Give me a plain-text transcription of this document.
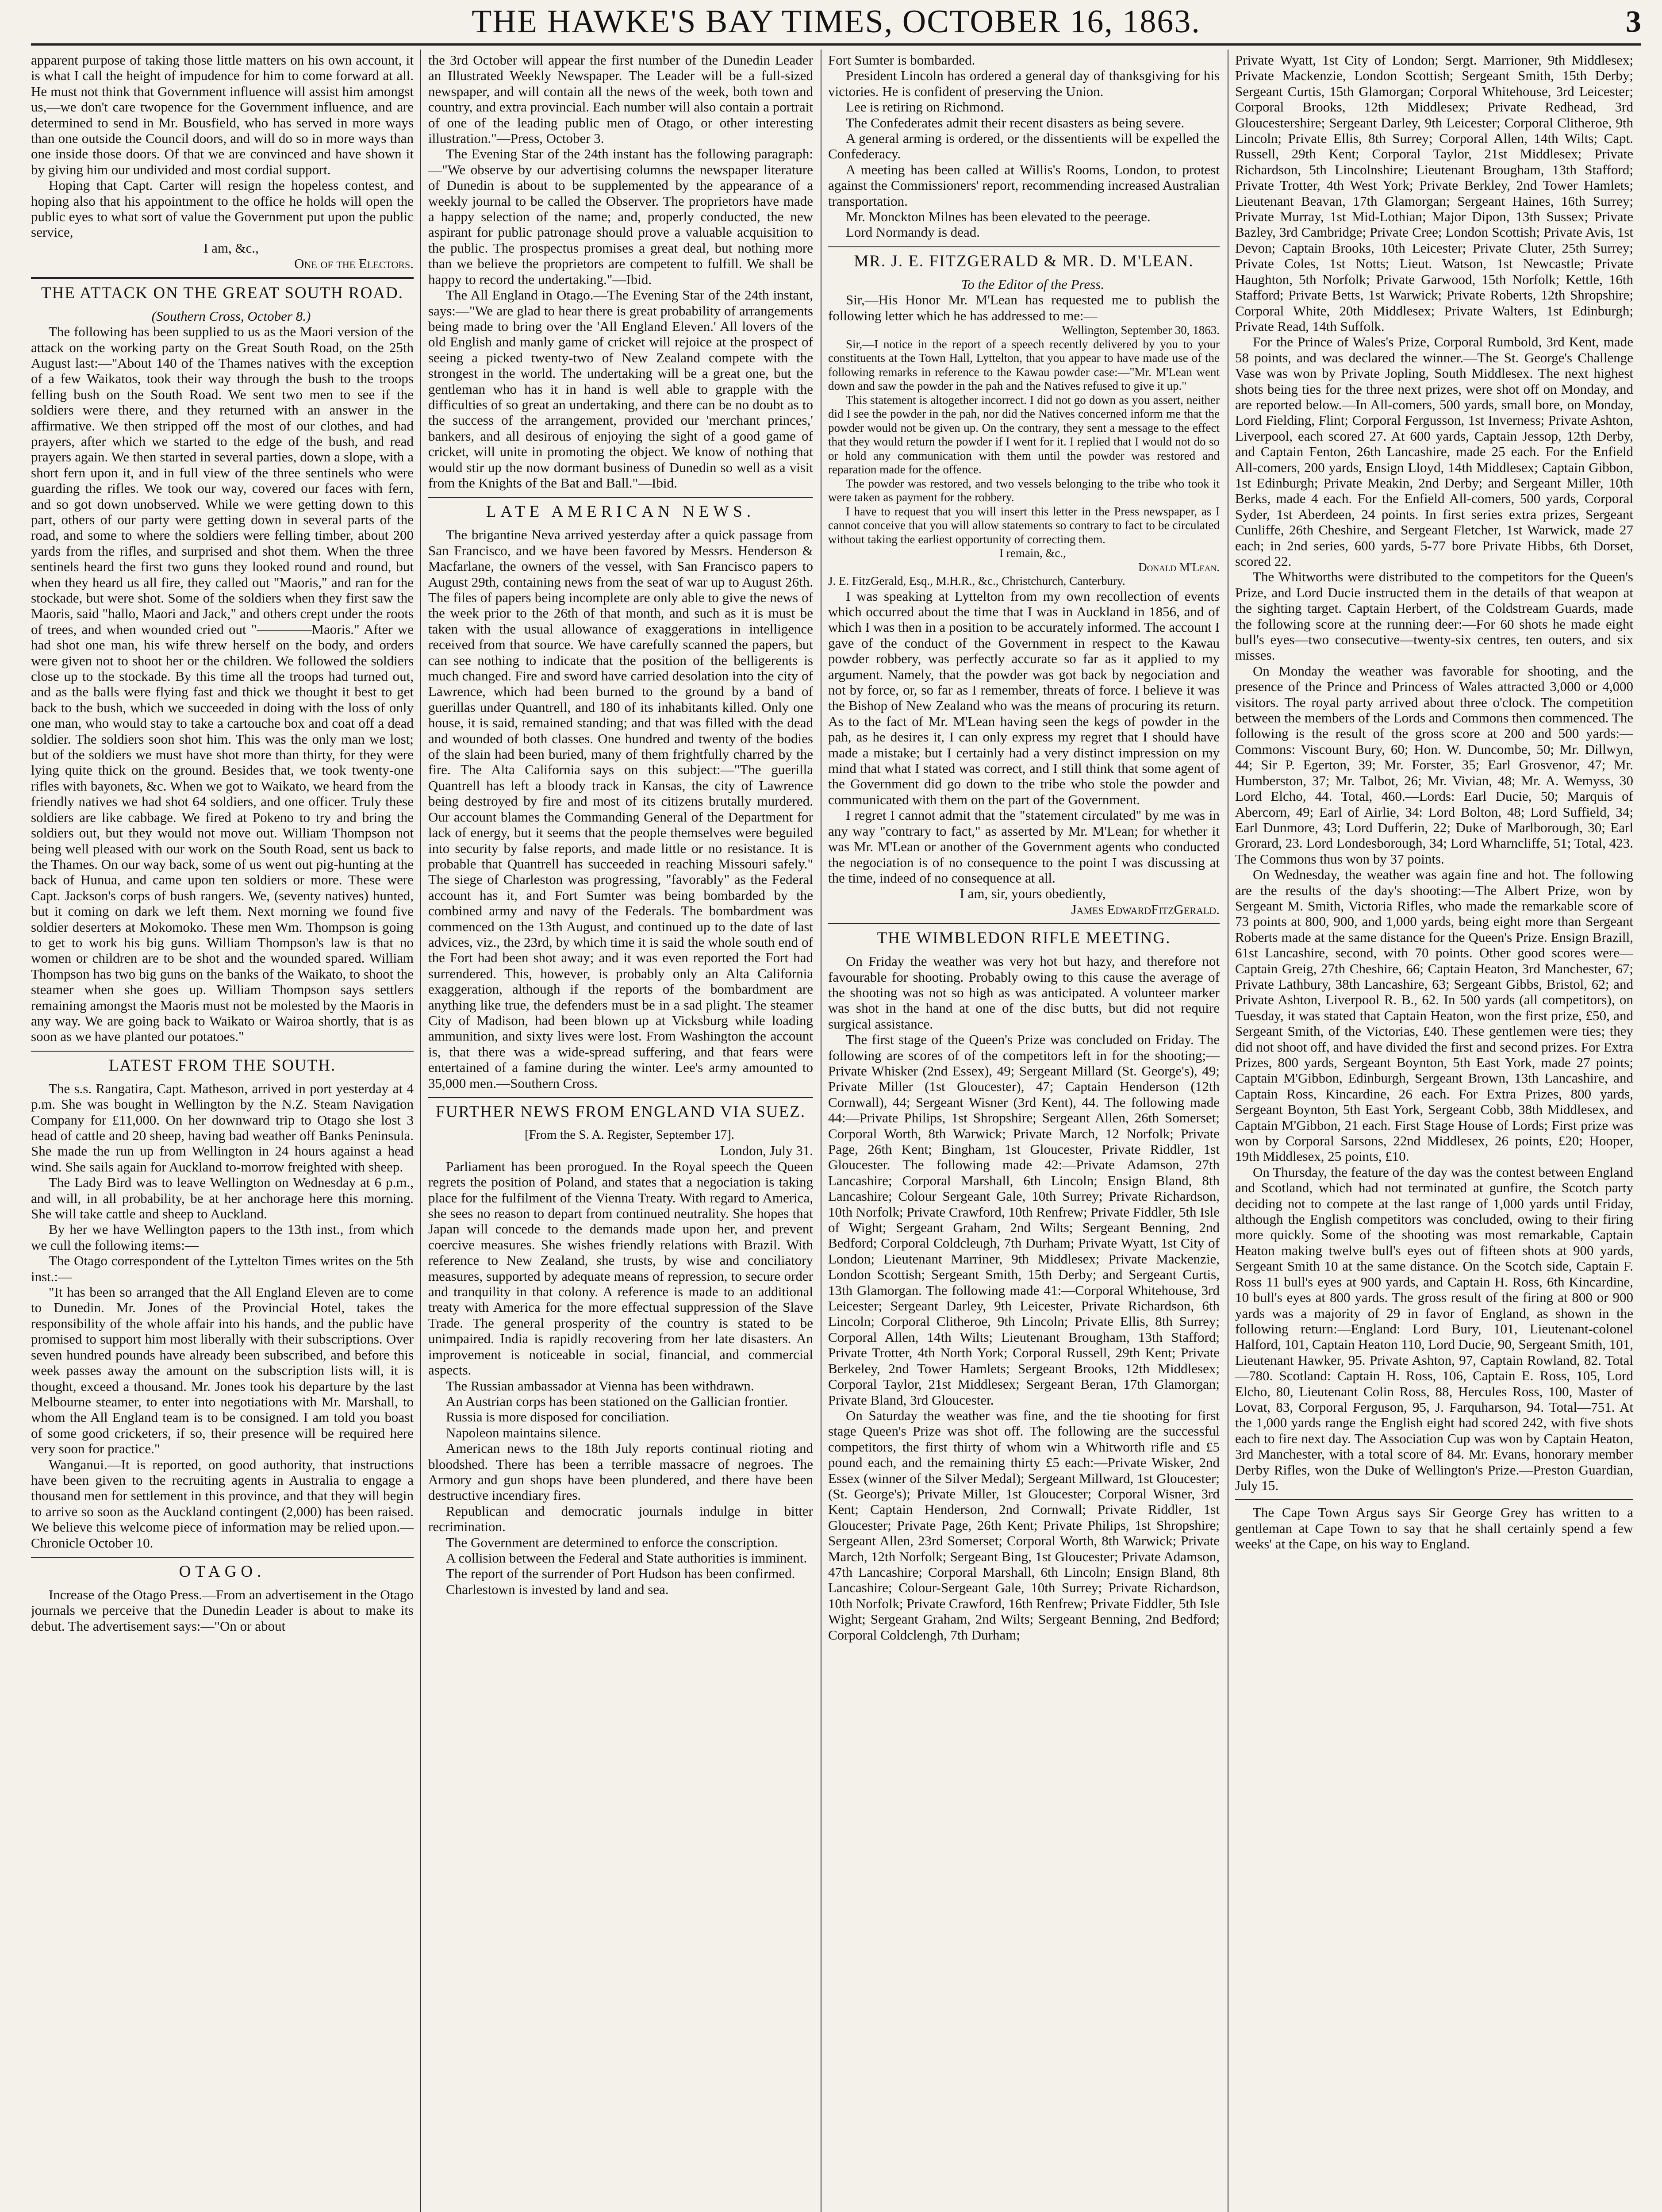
THE HAWKE'S BAY TIMES, OCTOBER 16, 1863.	3

apparent purpose of taking those little matters on his own account, it is what I call the height of impudence for him to come forward at all. He must not think that Government influence will assist him amongst us,—we don't care twopence for the Government influence, and are determined to send in Mr. Bousfield, who has served in more ways than one outside the Council doors, and will do so in more ways than one inside those doors. Of that we are convinced and have shown it by giving him our undivided and most cordial support.

Hoping that Capt. Carter will resign the hopeless contest, and hoping also that his appointment to the office he holds will open the public eyes to what sort of value the Government put upon the public service,

I am, &c.,

One of the Electors.

THE ATTACK ON THE GREAT SOUTH ROAD.

(Southern Cross, October 8.)

The following has been supplied to us as the Maori version of the attack on the working party on the Great South Road, on the 25th August last:—"About 140 of the Thames natives with the exception of a few Waikatos, took their way through the bush to the troops felling bush on the South Road. We sent two men to see if the soldiers were there, and they returned with an answer in the affirmative. We then stripped off the most of our clothes, and had prayers, after which we started to the edge of the bush, and read prayers again. We then started in several parties, down a slope, with a short fern upon it, and in full view of the three sentinels who were guarding the rifles. We took our way, covered our faces with fern, and so got down unobserved. While we were getting down to this part, others of our party were getting down in several parts of the road, and some to where the soldiers were felling timber, about 200 yards from the rifles, and surprised and shot them. When the three sentinels heard the first two guns they looked round and round, but when they heard us all fire, they called out "Maoris," and ran for the stockade, but were shot. Some of the soldiers when they first saw the Maoris, said "hallo, Maori and Jack," and others crept under the roots of trees, and when wounded cried out "————Maoris." After we had shot one man, his wife threw herself on the body, and orders were given not to shoot her or the children. We followed the soldiers close up to the stockade. By this time all the troops had turned out, and as the balls were flying fast and thick we thought it best to get back to the bush, which we succeeded in doing with the loss of only one man, who would stay to take a cartouche box and coat off a dead soldier. The soldiers soon shot him. This was the only man we lost; but of the soldiers we must have shot more than thirty, for they were lying quite thick on the ground. Besides that, we took twenty-one rifles with bayonets, &c. When we got to Waikato, we heard from the friendly natives we had shot 64 soldiers, and one officer. Truly these soldiers are like cabbage. We fired at Pokeno to try and bring the soldiers out, but they would not move out. William Thompson not being well pleased with our work on the South Road, sent us back to the Thames. On our way back, some of us went out pig-hunting at the back of Hunua, and came upon ten soldiers or more. These were Capt. Jackson's corps of bush rangers. We, (seventy natives) hunted, but it coming on dark we left them. Next morning we found five soldier deserters at Mokomoko. These men Wm. Thompson is going to get to work his big guns. William Thompson's law is that no women or children are to be shot and the wounded spared. William Thompson has two big guns on the banks of the Waikato, to shoot the steamer when she goes up. William Thompson says settlers remaining amongst the Maoris must not be molested by the Maoris in any way. We are going back to Waikato or Wairoa shortly, that is as soon as we have planted our potatoes."

LATEST FROM THE SOUTH.

The s.s. Rangatira, Capt. Matheson, arrived in port yesterday at 4 p.m. She was bought in Wellington by the N.Z. Steam Navigation Company for £11,000. On her downward trip to Otago she lost 3 head of cattle and 20 sheep, having bad weather off Banks Peninsula. She made the run up from Wellington in 24 hours against a head wind. She sails again for Auckland to-morrow freighted with sheep.

The Lady Bird was to leave Wellington on Wednesday at 6 p.m., and will, in all probability, be at her anchorage here this morning. She will take cattle and sheep to Auckland.

By her we have Wellington papers to the 13th inst., from which we cull the following items:—

The Otago correspondent of the Lyttelton Times writes on the 5th inst.:—

"It has been so arranged that the All England Eleven are to come to Dunedin. Mr. Jones of the Provincial Hotel, takes the responsibility of the whole affair into his hands, and the public have promised to support him most liberally with their subscriptions. Over seven hundred pounds have already been subscribed, and before this week passes away the amount on the subscription lists will, it is thought, exceed a thousand. Mr. Jones took his departure by the last Melbourne steamer, to enter into negotiations with Mr. Marshall, to whom the All England team is to be consigned. I am told you boast of some good cricketers, if so, their presence will be required here very soon for practice."

Wanganui.—It is reported, on good authority, that instructions have been given to the recruiting agents in Australia to engage a thousand men for settlement in this province, and that they will begin to arrive so soon as the Auckland contingent (2,000) has been raised. We believe this welcome piece of information may be relied upon.—Chronicle October 10.

OTAGO.

Increase of the Otago Press.—From an advertisement in the Otago journals we perceive that the Dunedin Leader is about to make its debut. The advertisement says:—"On or about

the 3rd October will appear the first number of the Dunedin Leader an Illustrated Weekly Newspaper. The Leader will be a full-sized newspaper, and will contain all the news of the week, both town and country, and extra provincial. Each number will also contain a portrait of one of the leading public men of Otago, or other interesting illustration."—Press, October 3.

The Evening Star of the 24th instant has the following paragraph:—"We observe by our advertising columns the newspaper literature of Dunedin is about to be supplemented by the appearance of a weekly journal to be called the Observer. The proprietors have made a happy selection of the name; and, properly conducted, the new aspirant for public patronage should prove a valuable acquisition to the public. The prospectus promises a great deal, but nothing more than we believe the proprietors are competent to fulfill. We shall be happy to record the undertaking."—Ibid.

The All England in Otago.—The Evening Star of the 24th instant, says:—"We are glad to hear there is great probability of arrangements being made to bring over the 'All England Eleven.' All lovers of the old English and manly game of cricket will rejoice at the prospect of seeing a picked twenty-two of New Zealand compete with the strongest in the world. The undertaking will be a great one, but the gentleman who has it in hand is well able to grapple with the difficulties of so great an undertaking, and there can be no doubt as to the success of the arrangement, provided our 'merchant princes,' bankers, and all desirous of enjoying the sight of a good game of cricket, will unite in promoting the object. We know of nothing that would stir up the now dormant business of Dunedin so well as a visit from the Knights of the Bat and Ball."—Ibid.

LATE AMERICAN NEWS.

The brigantine Neva arrived yesterday after a quick passage from San Francisco, and we have been favored by Messrs. Henderson & Macfarlane, the owners of the vessel, with San Francisco papers to August 29th, containing news from the seat of war up to August 26th. The files of papers being incomplete are only able to give the news of the week prior to the 26th of that month, and such as it is must be taken with the usual allowance of exaggerations in intelligence received from that source. We have carefully scanned the papers, but can see nothing to indicate that the position of the belligerents is much changed. Fire and sword have carried desolation into the city of Lawrence, which had been burned to the ground by a band of guerillas under Quantrell, and 180 of its inhabitants killed. Only one house, it is said, remained standing; and that was filled with the dead and wounded of both classes. One hundred and twenty of the bodies of the slain had been buried, many of them frightfully charred by the fire. The Alta California says on this subject:—"The guerilla Quantrell has left a bloody track in Kansas, the city of Lawrence being destroyed by fire and most of its citizens brutally murdered. Our account blames the Commanding General of the Department for lack of energy, but it seems that the people themselves were beguiled into security by false reports, and made little or no resistance. It is probable that Quantrell has succeeded in reaching Missouri safely." The siege of Charleston was progressing, "favorably" as the Federal account has it, and Fort Sumter was being bombarded by the combined army and navy of the Federals. The bombardment was commenced on the 13th August, and continued up to the date of last advices, viz., the 23rd, by which time it is said the whole south end of the Fort had been shot away; and it was even reported the Fort had surrendered. This, however, is probably only an Alta California exaggeration, although if the reports of the bombardment are anything like true, the defenders must be in a sad plight. The steamer City of Madison, had been blown up at Vicksburg while loading ammunition, and sixty lives were lost. From Washington the account is, that there was a wide-spread suffering, and that fears were entertained of a famine during the winter. Lee's army amounted to 35,000 men.—Southern Cross.

FURTHER NEWS FROM ENGLAND VIA SUEZ.

[From the S. A. Register, September 17].

London, July 31.

Parliament has been prorogued. In the Royal speech the Queen regrets the position of Poland, and states that a negociation is taking place for the fulfilment of the Vienna Treaty. With regard to America, she sees no reason to depart from continued neutrality. She hopes that Japan will concede to the demands made upon her, and prevent coercive measures. She wishes friendly relations with Brazil. With reference to New Zealand, she trusts, by wise and conciliatory measures, supported by adequate means of repression, to secure order and tranquility in that colony. A reference is made to an additional treaty with America for the more effectual suppression of the Slave Trade. The general prosperity of the country is stated to be unimpaired. India is rapidly recovering from her late disasters. An improvement is noticeable in social, financial, and commercial aspects.

The Russian ambassador at Vienna has been withdrawn.

An Austrian corps has been stationed on the Gallician frontier.

Russia is more disposed for conciliation.

Napoleon maintains silence.

American news to the 18th July reports continual rioting and bloodshed. There has been a terrible massacre of negroes. The Armory and gun shops have been plundered, and there have been destructive incendiary fires.

Republican and democratic journals indulge in bitter recrimination.

The Government are determined to enforce the conscription.

A collision between the Federal and State authorities is imminent.

The report of the surrender of Port Hudson has been confirmed.

Charlestown is invested by land and sea.

Fort Sumter is bombarded.

President Lincoln has ordered a general day of thanksgiving for his victories. He is confident of preserving the Union.

Lee is retiring on Richmond.

The Confederates admit their recent disasters as being severe.

A general arming is ordered, or the dissentients will be expelled the Confederacy.

A meeting has been called at Willis's Rooms, London, to protest against the Commissioners' report, recommending increased Australian transportation.

Mr. Monckton Milnes has been elevated to the peerage.

Lord Normandy is dead.

MR. J. E. FITZGERALD & MR. D. M'LEAN.

To the Editor of the Press.

Sir,—His Honor Mr. M'Lean has requested me to publish the following letter which he has addressed to me:—

Wellington, September 30, 1863.

Sir,—I notice in the report of a speech recently delivered by you to your constituents at the Town Hall, Lyttelton, that you appear to have made use of the following remarks in reference to the Kawau powder case:—"Mr. M'Lean went down and saw the powder in the pah and the Natives refused to give it up."

This statement is altogether incorrect. I did not go down as you assert, neither did I see the powder in the pah, nor did the Natives concerned inform me that the powder would not be given up. On the contrary, they sent a message to the effect that they would return the powder if I went for it. I replied that I would not do so or hold any communication with them until the powder was restored and reparation made for the offence.

The powder was restored, and two vessels belonging to the tribe who took it were taken as payment for the robbery.

I have to request that you will insert this letter in the Press newspaper, as I cannot conceive that you will allow statements so contrary to fact to be circulated without taking the earliest opportunity of correcting them.

I remain, &c.,

Donald M'Lean.

J. E. FitzGerald, Esq., M.H.R., &c., Christchurch, Canterbury.

I was speaking at Lyttelton from my own recollection of events which occurred about the time that I was in Auckland in 1856, and of which I was then in a position to be accurately informed. The account I gave of the conduct of the Government in respect to the Kawau powder robbery, was perfectly accurate so far as it applied to my argument. Namely, that the powder was got back by negociation and not by force, or, so far as I remember, threats of force. I believe it was the Bishop of New Zealand who was the means of procuring its return. As to the fact of Mr. M'Lean having seen the kegs of powder in the pah, as he desires it, I can only express my regret that I should have made a mistake; but I certainly had a very distinct impression on my mind that what I stated was correct, and I still think that some agent of the Government did go down to the tribe who stole the powder and communicated with them on the part of the Government.

I regret I cannot admit that the "statement circulated" by me was in any way "contrary to fact," as asserted by Mr. M'Lean; for whether it was Mr. M'Lean or another of the Government agents who conducted the negociation is of no consequence to the point I was discussing at the time, indeed of no consequence at all.

I am, sir, yours obediently,

James EdwardFitzGerald.

THE WIMBLEDON RIFLE MEETING.

On Friday the weather was very hot but hazy, and therefore not favourable for shooting. Probably owing to this cause the average of the shooting was not so high as was anticipated. A volunteer marker was shot in the hand at one of the disc butts, but did not require surgical assistance.

The first stage of the Queen's Prize was concluded on Friday. The following are scores of of the competitors left in for the shooting;—Private Whisker (2nd Essex), 49; Sergeant Millard (St. George's), 49; Private Miller (1st Gloucester), 47; Captain Henderson (12th Cornwall), 44; Sergeant Wisner (3rd Kent), 44. The following made 44:—Private Philips, 1st Shropshire; Sergeant Allen, 26th Somerset; Corporal Worth, 8th Warwick; Private March, 12 Norfolk; Private Page, 26th Kent; Bingham, 1st Gloucester, Private Riddler, 1st Gloucester. The following made 42:—Private Adamson, 27th Lancashire; Corporal Marshall, 6th Lincoln; Ensign Bland, 8th Lancashire; Colour Sergeant Gale, 10th Surrey; Private Richardson, 10th Norfolk; Private Crawford, 10th Renfrew; Private Fiddler, 5th Isle of Wight; Sergeant Graham, 2nd Wilts; Sergeant Benning, 2nd Bedford; Corporal Coldcleugh, 7th Durham; Private Wyatt, 1st City of London; Lieutenant Marriner, 9th Middlesex; Private Mackenzie, London Scottish; Sergeant Smith, 15th Derby; and Sergeant Curtis, 13th Glamorgan. The following made 41:—Corporal Whitehouse, 3rd Leicester; Sergeant Darley, 9th Leicester, Private Richardson, 6th Lincoln; Corporal Clitheroe, 9th Lincoln; Private Ellis, 8th Surrey; Corporal Allen, 14th Wilts; Lieutenant Brougham, 13th Stafford; Private Trotter, 4th North York; Corporal Russell, 29th Kent; Private Berkeley, 2nd Tower Hamlets; Sergeant Brooks, 12th Middlesex; Corporal Taylor, 21st Middlesex; Sergeant Beran, 17th Glamorgan; Private Bland, 3rd Gloucester.

On Saturday the weather was fine, and the tie shooting for first stage Queen's Prize was shot off. The following are the successful competitors, the first thirty of whom win a Whitworth rifle and £5 pound each, and the remaining thirty £5 each:—Private Wisker, 2nd Essex (winner of the Silver Medal); Sergeant Millward, 1st Gloucester; (St. George's); Private Miller, 1st Gloucester; Corporal Wisner, 3rd Kent; Captain Henderson, 2nd Cornwall; Private Riddler, 1st Gloucester; Private Page, 26th Kent; Private Philips, 1st Shropshire; Sergeant Allen, 23rd Somerset; Corporal Worth, 8th Warwick; Private March, 12th Norfolk; Sergeant Bing, 1st Gloucester; Private Adamson, 47th Lancashire; Corporal Marshall, 6th Lincoln; Ensign Bland, 8th Lancashire; Colour-Sergeant Gale, 10th Surrey; Private Richardson, 10th Norfolk; Private Crawford, 16th Renfrew; Private Fiddler, 5th Isle Wight; Sergeant Graham, 2nd Wilts; Sergeant Benning, 2nd Bedford; Corporal Coldclengh, 7th Durham;

Private Wyatt, 1st City of London; Sergt. Marrioner, 9th Middlesex; Private Mackenzie, London Scottish; Sergeant Smith, 15th Derby; Sergeant Curtis, 15th Glamorgan; Corporal Whitehouse, 3rd Leicester; Corporal Brooks, 12th Middlesex; Private Redhead, 3rd Gloucestershire; Sergeant Darley, 9th Leicester; Corporal Clitheroe, 9th Lincoln; Private Ellis, 8th Surrey; Corporal Allen, 14th Wilts; Capt. Russell, 29th Kent; Corporal Taylor, 21st Middlesex; Private Richardson, 5th Lincolnshire; Lieutenant Brougham, 13th Stafford; Private Trotter, 4th West York; Private Berkley, 2nd Tower Hamlets; Lieutenant Beavan, 17th Glamorgan; Sergeant Haines, 16th Surrey; Private Murray, 1st Mid-Lothian; Major Dipon, 13th Sussex; Private Bazley, 3rd Cambridge; Private Cree; London Scottish; Private Avis, 1st Devon; Captain Brooks, 10th Leicester; Private Cluter, 25th Surrey; Private Coles, 1st Notts; Lieut. Watson, 1st Newcastle; Private Haughton, 5th Norfolk; Private Garwood, 15th Norfolk; Kettle, 16th Stafford; Private Betts, 1st Warwick; Private Roberts, 12th Shropshire; Corporal White, 20th Middlesex; Private Walters, 1st Edinburgh; Private Read, 14th Suffolk.

For the Prince of Wales's Prize, Corporal Rumbold, 3rd Kent, made 58 points, and was declared the winner.—The St. George's Challenge Vase was won by Private Jopling, South Middlesex. The next highest shots being ties for the three next prizes, were shot off on Monday, and are reported below.—In All-comers, 500 yards, small bore, on Monday, Lord Fielding, Flint; Corporal Fergusson, 1st Inverness; Private Ashton, Liverpool, each scored 27. At 600 yards, Captain Jessop, 12th Derby, and Captain Fenton, 26th Lancashire, made 25 each. For the Enfield All-comers, 200 yards, Ensign Lloyd, 14th Middlesex; Captain Gibbon, 1st Edinburgh; Private Meakin, 2nd Derby; and Sergeant Miller, 10th Berks, made 4 each. For the Enfield All-comers, 500 yards, Corporal Syder, 1st Aberdeen, 24 points. In first series extra prizes, Sergeant Cunliffe, 26th Cheshire, and Sergeant Fletcher, 1st Warwick, made 27 each; in 2nd series, 600 yards, 5-77 bore Private Hibbs, 6th Dorset, scored 22.

The Whitworths were distributed to the competitors for the Queen's Prize, and Lord Ducie instructed them in the details of that weapon at the sighting target. Captain Herbert, of the Coldstream Guards, made the following score at the running deer:—For 60 shots he made eight bull's eyes—two consecutive—twenty-six centres, ten outers, and six misses.

On Monday the weather was favorable for shooting, and the presence of the Prince and Princess of Wales attracted 3,000 or 4,000 visitors. The royal party arrived about three o'clock. The competition between the members of the Lords and Commons then commenced. The following is the result of the gross score at 200 and 500 yards:—Commons: Viscount Bury, 60; Hon. W. Duncombe, 50; Mr. Dillwyn, 44; Sir P. Egerton, 39; Mr. Forster, 35; Earl Grosvenor, 47; Mr. Humberston, 37; Mr. Talbot, 26; Mr. Vivian, 48; Mr. A. Wemyss, 30 Lord Elcho, 44. Total, 460.—Lords: Earl Ducie, 50; Marquis of Abercorn, 49; Earl of Airlie, 34: Lord Bolton, 48; Lord Suffield, 34; Earl Dunmore, 43; Lord Dufferin, 22; Duke of Marlborough, 30; Earl Grorard, 23. Lord Londesborough, 34; Lord Wharncliffe, 51; Total, 423. The Commons thus won by 37 points.

On Wednesday, the weather was again fine and hot. The following are the results of the day's shooting:—The Albert Prize, won by Sergeant M. Smith, Victoria Rifles, who made the remarkable score of 73 points at 800, 900, and 1,000 yards, being eight more than Sergeant Roberts made at the same distance for the Queen's Prize. Ensign Brazill, 61st Lancashire, second, with 70 points. Other good scores were—Captain Greig, 27th Cheshire, 66; Captain Heaton, 3rd Manchester, 67; Private Lathbury, 38th Lancashire, 63; Sergeant Gibbs, Bristol, 62; and Private Ashton, Liverpool R. B., 62. In 500 yards (all competitors), on Tuesday, it was stated that Captain Heaton, won the first prize, £50, and Sergeant Smith, of the Victorias, £40. These gentlemen were ties; they did not shoot off, and have divided the first and second prizes. For Extra Prizes, 800 yards, Sergeant Boynton, 5th East York, made 27 points; Captain M'Gibbon, Edinburgh, Sergeant Brown, 13th Lancashire, and Captain Ross, Kincardine, 26 each. For Extra Prizes, 800 yards, Sergeant Boynton, 5th East York, Sergeant Cobb, 38th Middlesex, and Captain M'Gibbon, 21 each. First Stage House of Lords; First prize was won by Corporal Sarsons, 22nd Middlesex, 26 points, £20; Hooper, 19th Middlesex, 25 points, £10.

On Thursday, the feature of the day was the contest between England and Scotland, which had not terminated at gunfire, the Scotch party deciding not to compete at the last range of 1,000 yards until Friday, although the English competitors was concluded, owing to their firing more quickly. Some of the shooting was most remarkable, Captain Heaton making twelve bull's eyes out of fifteen shots at 900 yards, Sergeant Smith 10 at the same distance. On the Scotch side, Captain F. Ross 11 bull's eyes at 900 yards, and Captain H. Ross, 6th Kincardine, 10 bull's eyes at 800 yards. The gross result of the firing at 800 or 900 yards was a majority of 29 in favor of England, as shown in the following return:—England: Lord Bury, 101, Lieutenant-colonel Halford, 101, Captain Heaton 110, Lord Ducie, 90, Sergeant Smith, 101, Lieutenant Hawker, 95. Private Ashton, 97, Captain Rowland, 82. Total —780. Scotland: Captain H. Ross, 106, Captain E. Ross, 105, Lord Elcho, 80, Lieutenant Colin Ross, 88, Hercules Ross, 100, Master of Lovat, 83, Corporal Ferguson, 95, J. Farquharson, 94. Total—751. At the 1,000 yards range the English eight had scored 242, with five shots each to fire next day. The Association Cup was won by Captain Heaton, 3rd Manchester, with a total score of 84. Mr. Evans, honorary member Derby Rifles, won the Duke of Wellington's Prize.—Preston Guardian, July 15.

The Cape Town Argus says Sir George Grey has written to a gentleman at Cape Town to say that he shall certainly spend a few weeks' at the Cape, on his way to England.
